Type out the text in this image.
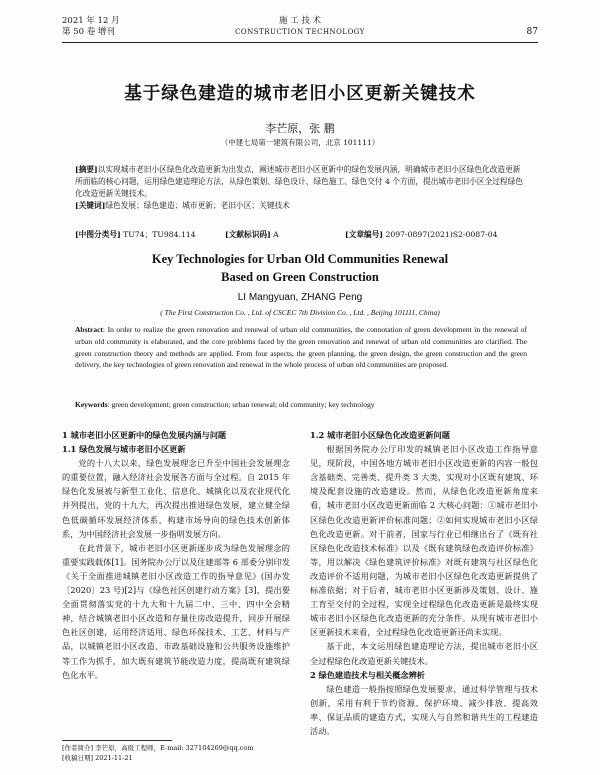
2021 年 12 月
第 50 卷 增刊
施 工 技 术
CONSTRUCTION TECHNOLOGY	87
基于绿色建造的城市老旧小区更新关键技术
李芒原，张 鹏
（中建七局第一建筑有限公司，北京 101111）
[摘要]以实现城市老旧小区绿色化改造更新为出发点，阐述城市老旧小区更新中的绿色发展内涵，明确城市老旧小区绿色化改造更新所面临的核心问题，运用绿色建造理论方法，从绿色策划、绿色设计、绿色施工、绿色交付 4 个方面，提出城市老旧小区全过程绿色化改造更新关键技术。
[关键词]绿色发展；绿色建造；城市更新；老旧小区；关键技术
[中图分类号] TU74；TU984.114	[文献标识码] A	[文章编号] 2097-0897(2021)S2-0087-04
Key Technologies for Urban Old Communities Renewal
Based on Green Construction
LI Mangyuan, ZHANG Peng
( The First Construction Co. , Ltd. of CSCEC 7th Division Co. , Ltd. , Beijing 101111, China)
Abstract: In order to realize the green renovation and renewal of urban old communities, the connotation of green development in the renewal of urban old community is elaborated, and the core problems faced by the green renovation and renewal of urban old communities are clarified. The green construction theory and methods are applied. From four aspects, the green planning, the green design, the green construction and the green delivery, the key technologies of green renovation and renewal in the whole process of urban old communities are proposed.
Keywords: green development; green construction; urban renewal; old community; key technology
1 城市老旧小区更新中的绿色发展内涵与问题
1.1 绿色发展与城市老旧小区更新

党的十八大以来，绿色发展理念已升至中国社会发展理念的重要位置，融入经济社会发展各方面与全过程。自 2015 年绿色化发展被与新型工业化、信息化、城镇化以及农业现代化并列提出，党的十九大，再次提出推进绿色发展，建立健全绿色低碳循环发展经济体系，构建市场导向的绿色技术创新体系，为中国经济社会发展一步指明发展方向。

在此背景下，城市老旧小区更新逐步成为绿色发展理念的重要实践载体[1]。国务院办公厅以及住建部等 6 部委分别印发《关于全面推进城镇老旧小区改造工作的指导意见》(国办发〔2020〕23 号)[2]与《绿色社区创建行动方案》[3]，提出要全面贯彻落实党的十九大和十九届二中、三中、四中全会精神，结合城镇老旧小区改造和存量住房改造提升，同步开展绿色社区创建，运用经济适用、绿色环保技术、工艺、材料与产品，以城镇老旧小区改造、市政基础设施和公共服务设施维护等工作为抓手，加大既有建筑节能改造力度，提高既有建筑绿色化水平。

[作者简介] 李芒原，高级工程师，E-mail: 327104269@qq.com
[收稿日期] 2021-11-21
1.2 城市老旧小区绿色化改造更新问题

根据国务院办公厅印发的城镇老旧小区改造工作指导意见，现阶段，中国各地方城市老旧小区改造更新的内容一般包含基础类、完善类、提升类 3 大类，实现对小区既有建筑、环境及配套设施的改造建设。然而，从绿色化改造更新角度来看，城市老旧小区改造更新面临 2 大核心问题：①城市老旧小区绿色化改造更新评价标准问题；②如何实现城市老旧小区绿色化改造更新。对于前者，国家与行业已相继出台了《既有社区绿色化改造技术标准》以及《既有建筑绿色改造评价标准》等，用以解决《绿色建筑评价标准》对既有建筑与社区绿色化改造评价不适用问题，为城市老旧小区绿色化改造更新提供了标准依据；对于后者，城市老旧小区更新涉及策划、设计、施工育至交付的全过程，实现全过程绿色化改造更新是最终实现城市老旧小区绿色化改造更新的充分条件。从现有城市老旧小区更新技术来看，全过程绿色化改造更新还尚未实现。

基于此，本文运用绿色建造理论方法，提出城市老旧小区全过程绿色化改造更新关键技术。

2 绿色建造技术与相关概念辨析

绿色建造一般指按照绿色发展要求，通过科学管理与技术创新，采用有利于节约资源、保护环境、减少排放、提高效率、保证品质的建造方式，实现人与自然和谐共生的工程建造活动。
